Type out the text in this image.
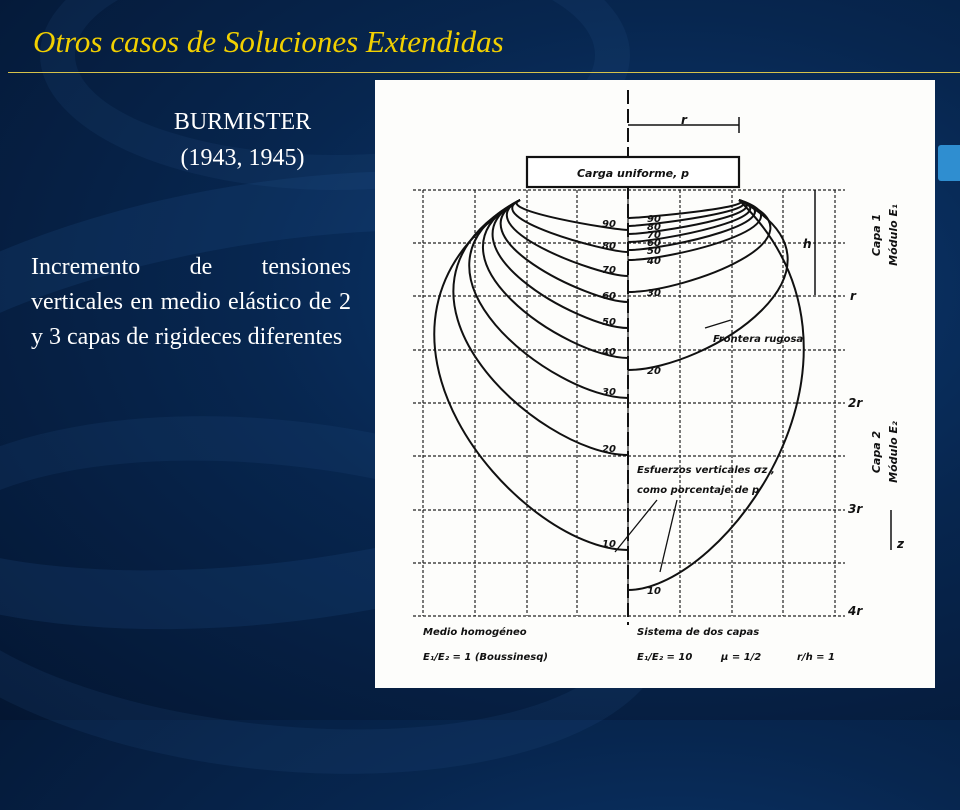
Otros casos de Soluciones Extendidas
BURMISTER
(1943, 1945)

Incremento de tensiones verticales en medio elástico de 2 y 3 capas de rigideces diferentes

Carga uniforme, p
r
h
r
2r
3r
4r
z
Capa 1 Módulo E₁
Capa 2 Módulo E₂
90	90
80
80
70
70
60
60
50
50
40
40
30
30
20
20
10
10
Frontera rugosa
Esfuerzos verticales σz ,
como porcentaje de p
Medio homogéneo
E₁/E₂ = 1 (Boussinesq)
Sistema de dos capas
E₁/E₂ = 10	μ = 1/2	r/h = 1
